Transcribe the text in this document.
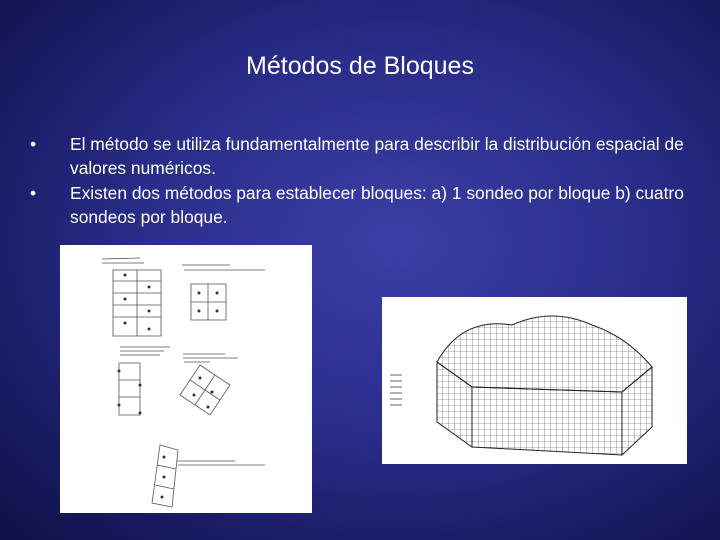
Métodos de Bloques
• El método se utiliza fundamentalmente para describir la distribución espacial de valores numéricos.
• Existen dos métodos para establecer bloques: a) 1 sondeo por bloque b) cuatro sondeos por bloque.
